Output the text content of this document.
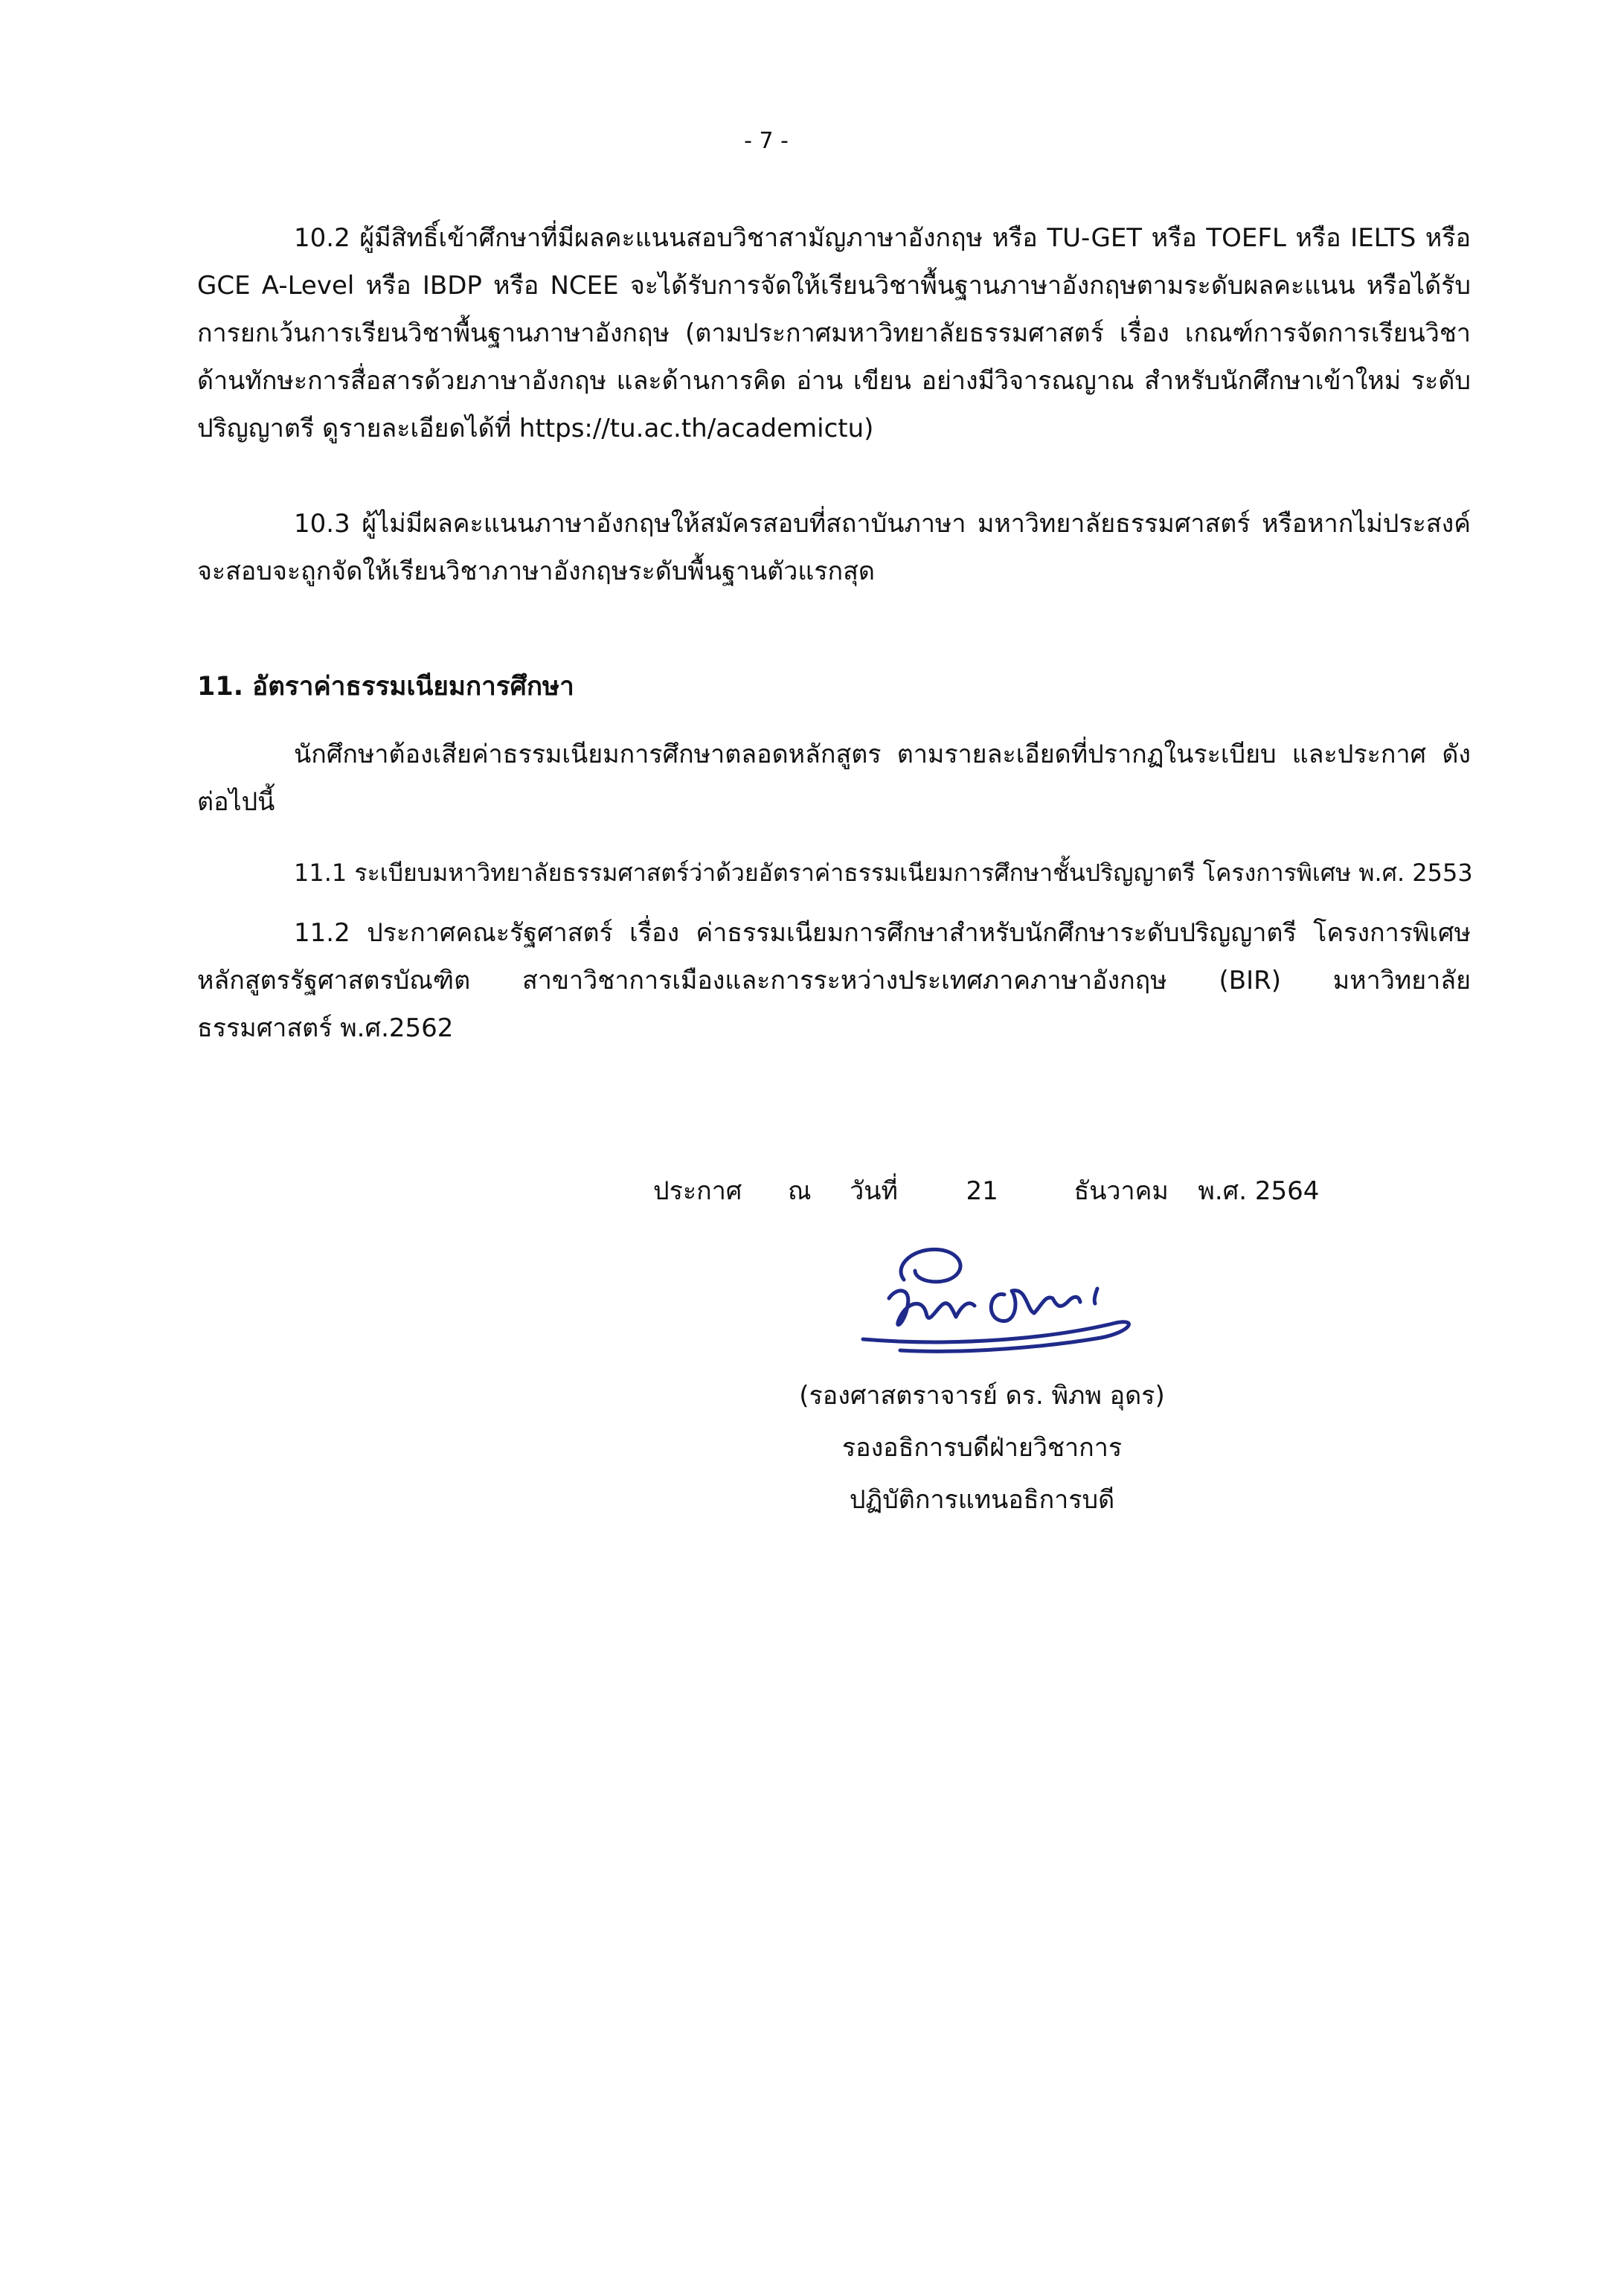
- 7 -
10.2 ผู้มีสิทธิ์เข้าศึกษาที่มีผลคะแนนสอบวิชาสามัญภาษาอังกฤษ หรือ TU-GET หรือ TOEFL หรือ IELTS หรือ GCE A-Level หรือ IBDP หรือ NCEE จะได้รับการจัดให้เรียนวิชาพื้นฐานภาษาอังกฤษตามระดับผลคะแนน หรือได้รับการยกเว้นการเรียนวิชาพื้นฐานภาษาอังกฤษ (ตามประกาศมหาวิทยาลัยธรรมศาสตร์ เรื่อง เกณฑ์การจัดการเรียนวิชาด้านทักษะการสื่อสารด้วยภาษาอังกฤษ และด้านการคิด อ่าน เขียน อย่างมีวิจารณญาณ สำหรับนักศึกษาเข้าใหม่ ระดับปริญญาตรี ดูรายละเอียดได้ที่ https://tu.ac.th/academictu)
10.3 ผู้ไม่มีผลคะแนนภาษาอังกฤษให้สมัครสอบที่สถาบันภาษา มหาวิทยาลัยธรรมศาสตร์ หรือหากไม่ประสงค์จะสอบจะถูกจัดให้เรียนวิชาภาษาอังกฤษระดับพื้นฐานตัวแรกสุด
11. อัตราค่าธรรมเนียมการศึกษา
นักศึกษาต้องเสียค่าธรรมเนียมการศึกษาตลอดหลักสูตร ตามรายละเอียดที่ปรากฏในระเบียบ และประกาศ ดังต่อไปนี้
11.1 ระเบียบมหาวิทยาลัยธรรมศาสตร์ว่าด้วยอัตราค่าธรรมเนียมการศึกษาชั้นปริญญาตรี โครงการพิเศษ พ.ศ. 2553
11.2 ประกาศคณะรัฐศาสตร์ เรื่อง ค่าธรรมเนียมการศึกษาสำหรับนักศึกษาระดับปริญญาตรี โครงการพิเศษ หลักสูตรรัฐศาสตรบัณฑิต สาขาวิชาการเมืองและการระหว่างประเทศภาคภาษาอังกฤษ (BIR) มหาวิทยาลัยธรรมศาสตร์ พ.ศ.2562
ประกาศ ณ วันที่	21	ธันวาคม พ.ศ. 2564
(รองศาสตราจารย์ ดร. พิภพ อุดร)
รองอธิการบดีฝ่ายวิชาการ
ปฏิบัติการแทนอธิการบดี
